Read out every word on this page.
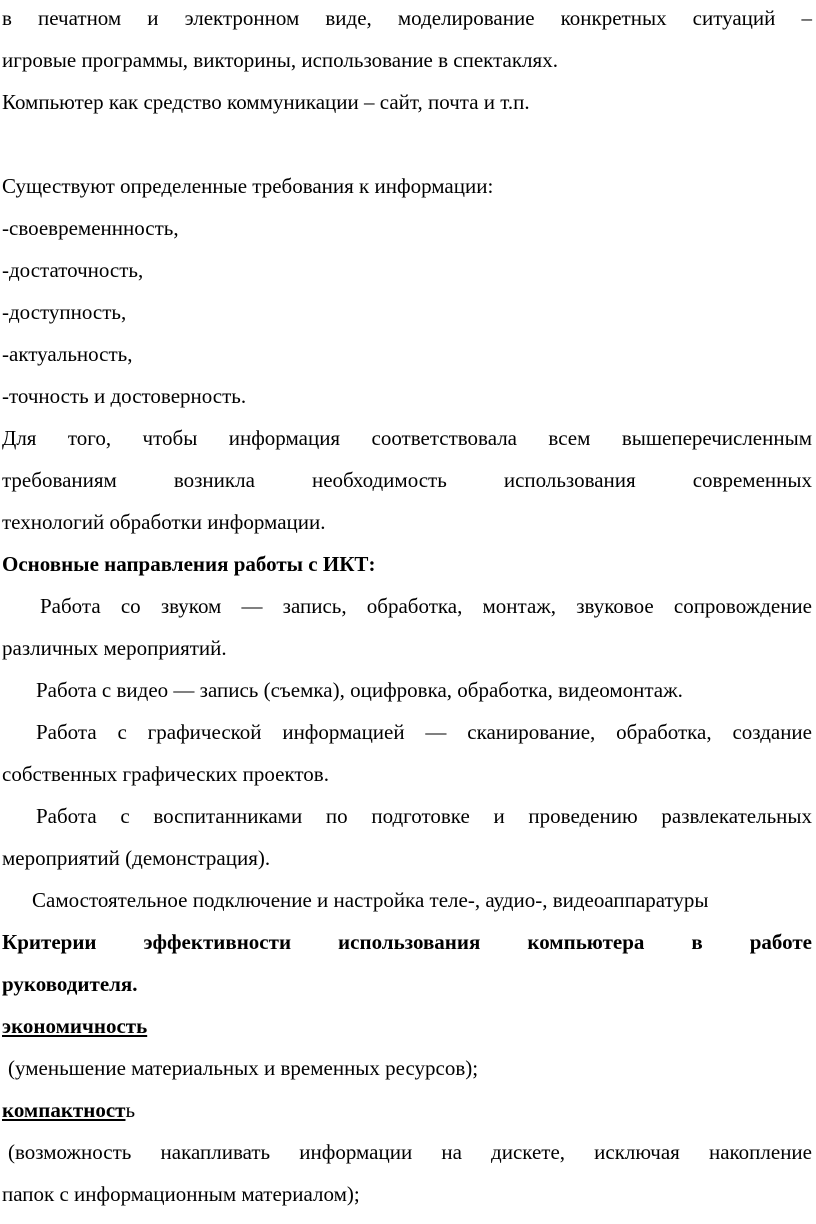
в печатном и электронном виде, моделирование конкретных ситуаций –
игровые программы, викторины, использование в спектаклях.
Компьютер как средство коммуникации – сайт, почта и т.п.
Существуют определенные требования к информации:
-своевременнность,
-достаточность,
-доступность,
-актуальность,
-точность и достоверность.
Для того, чтобы информация соответствовала всем вышеперечисленным
требованиям возникла необходимость использования современных
технологий обработки информации.
Основные направления работы с ИКТ:
Работа со звуком — запись, обработка, монтаж, звуковое сопровождение
различных мероприятий.
Работа с видео — запись (съемка), оцифровка, обработка, видеомонтаж.
Работа с графической информацией — сканирование, обработка, создание
собственных графических проектов.
Работа с воспитанниками по подготовке и проведению развлекательных
мероприятий (демонстрация).
Самостоятельное подключение и настройка теле-, аудио-, видеоаппаратуры
Критерии эффективности использования компьютера в работе
руководителя.
экономичность
(уменьшение материальных и временных ресурсов);
компактность
(возможность накапливать информации на дискете, исключая накопление
папок с информационным материалом);
